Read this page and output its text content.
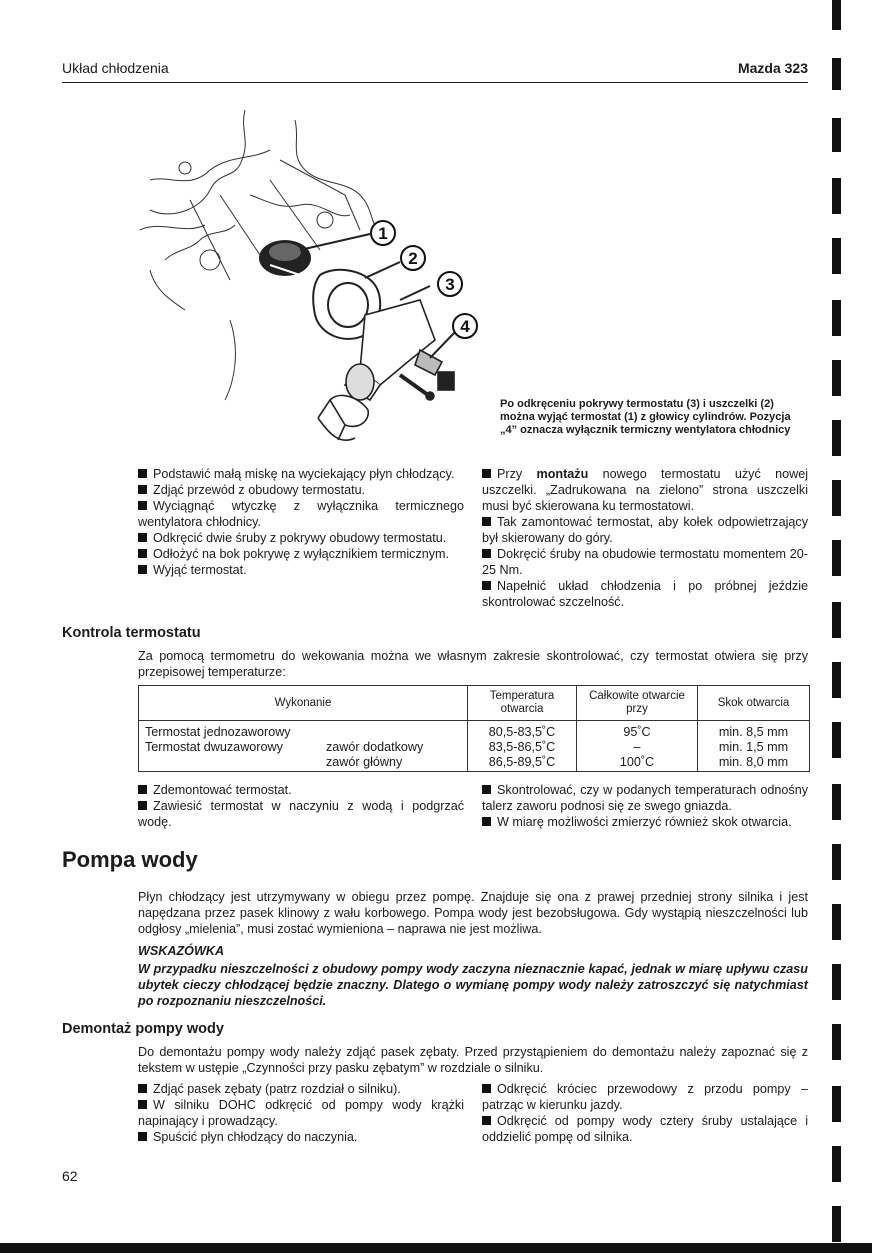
Układ chłodzenia	Mazda 323
1
2
3
4
Po odkręceniu pokrywy termostatu (3) i uszczelki (2) można wyjąć termostat (1) z głowicy cylindrów. Pozycja „4” oznacza wyłącznik termiczny wentylatora chłodnicy
Podstawić małą miskę na wyciekający płyn chłodzący.
Zdjąć przewód z obudowy termostatu.
Wyciągnąć wtyczkę z wyłącznika termicznego wentylatora chłodnicy.
Odkręcić dwie śruby z pokrywy obudowy termostatu.
Odłożyć na bok pokrywę z wyłącznikiem termicznym.
Wyjąć termostat.
Przy montażu nowego termostatu użyć nowej uszczelki. „Zadrukowana na zielono” strona uszczelki musi być skierowana ku termostatowi.
Tak zamontować termostat, aby kołek odpowietrzający był skierowany do góry.
Dokręcić śruby na obudowie termostatu momentem 20-25 Nm.
Napełnić układ chłodzenia i po próbnej jeździe skontrolować szczelność.
Kontrola termostatu
Za pomocą termometru do wekowania można we własnym zakresie skontrolować, czy termostat otwiera się przy przepisowej temperaturze:
Wykonanie	Temperatura otwarcia	Całkowite otwarcie przy	Skok otwarcia
Termostat jednozaworowy	80,5-83,5˚C	95˚C	min. 8,5 mm
Termostat dwuzaworowy zawór dodatkowy	83,5-86,5˚C	–	min. 1,5 mm

zawór główny	86,5-89,5˚C	100˚C	min. 8,0 mm
Zdemontować termostat.
Zawiesić termostat w naczyniu z wodą i podgrzać wodę.
Skontrolować, czy w podanych temperaturach odnośny talerz zaworu podnosi się ze swego gniazda.
W miarę możliwości zmierzyć również skok otwarcia.
Pompa wody
Płyn chłodzący jest utrzymywany w obiegu przez pompę. Znajduje się ona z prawej przedniej strony silnika i jest napędzana przez pasek klinowy z wału korbowego. Pompa wody jest bezobsługowa. Gdy wystąpią nieszczelności lub odgłosy „mielenia”, musi zostać wymieniona – naprawa nie jest możliwa.
WSKAZÓWKA
W przypadku nieszczelności z obudowy pompy wody zaczyna nieznacznie kapać, jednak w miarę upływu czasu ubytek cieczy chłodzącej będzie znaczny. Dlatego o wymianę pompy wody należy zatroszczyć się natychmiast po rozpoznaniu nieszczelności.
Demontaż pompy wody
Do demontażu pompy wody należy zdjąć pasek zębaty. Przed przystąpieniem do demontażu należy zapoznać się z tekstem w ustępie „Czynności przy pasku zębatym” w rozdziale o silniku.
Zdjąć pasek zębaty (patrz rozdział o silniku).
W silniku DOHC odkręcić od pompy wody krążki napinający i prowadzący.
Spuścić płyn chłodzący do naczynia.
Odkręcić króciec przewodowy z przodu pompy – patrząc w kierunku jazdy.
Odkręcić od pompy wody cztery śruby ustalające i oddzielić pompę od silnika.
62
